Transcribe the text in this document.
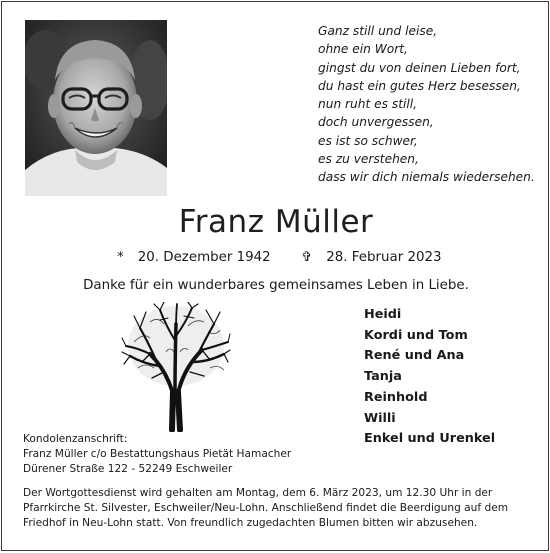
Ganz still und leise,
ohne ein Wort,
gingst du von deinen Lieben fort,
du hast ein gutes Herz besessen,
nun ruht es still,
doch unvergessen,
es ist so schwer,
es zu verstehen,
dass wir dich niemals wiedersehen.
Franz Müller
* 20. Dezember 1942 ✞ 28. Februar 2023
Danke für ein wunderbares gemeinsames Leben in Liebe.
Heidi
Kordi und Tom
René und Ana
Tanja
Reinhold
Willi
Enkel und Urenkel
Kondolenzanschrift:
Franz Müller c/o Bestattungshaus Pietät Hamacher
Dürener Straße 122 - 52249 Eschweiler
Der Wortgottesdienst wird gehalten am Montag, dem 6. März 2023, um 12.30 Uhr in der
Pfarrkirche St. Silvester, Eschweiler/Neu-Lohn. Anschließend findet die Beerdigung auf dem
Friedhof in Neu-Lohn statt. Von freundlich zugedachten Blumen bitten wir abzusehen.
